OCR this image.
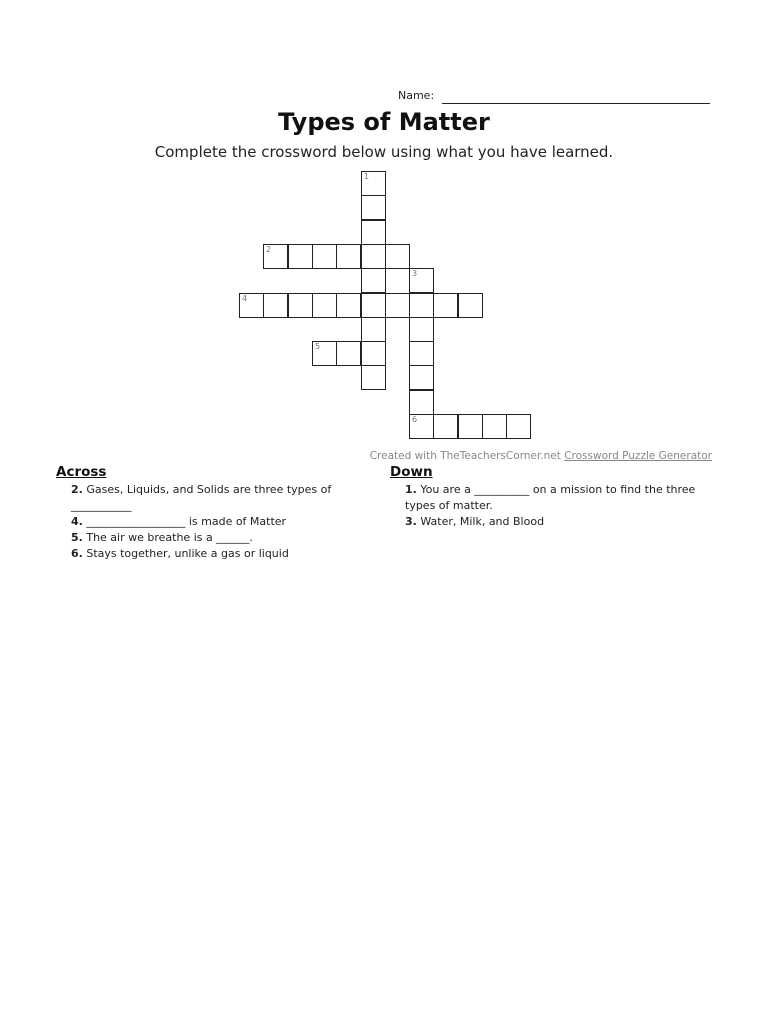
Name:
Types of Matter
Complete the crossword below using what you have learned.
1
2
3
4
5
6
Created with TheTeachersCorner.net Crossword Puzzle Generator
Across
2. Gases, Liquids, and Solids are three types of ___________
4. __________________ is made of Matter
5. The air we breathe is a ______.
6. Stays together, unlike a gas or liquid
Down
1. You are a __________ on a mission to find the three types of matter.
3. Water, Milk, and Blood
